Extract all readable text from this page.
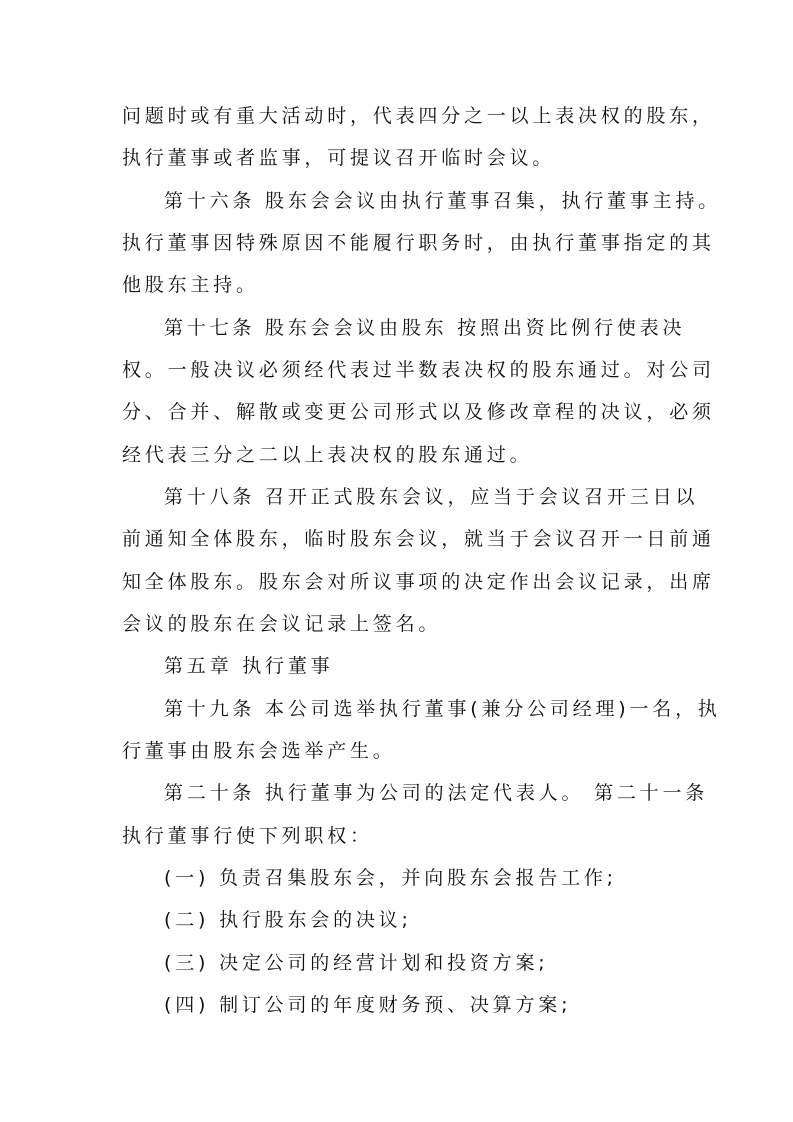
问题时或有重大活动时，代表四分之一以上表决权的股东，
执行董事或者监事，可提议召开临时会议。
第十六条 股东会会议由执行董事召集，执行董事主持。
执行董事因特殊原因不能履行职务时，由执行董事指定的其
他股东主持。
第十七条 股东会会议由股东 按照出资比例行使表决
权。一般决议必须经代表过半数表决权的股东通过。对公司
分、合并、解散或变更公司形式以及修改章程的决议，必须
经代表三分之二以上表决权的股东通过。
第十八条 召开正式股东会议，应当于会议召开三日以
前通知全体股东，临时股东会议，就当于会议召开一日前通
知全体股东。股东会对所议事项的决定作出会议记录，出席
会议的股东在会议记录上签名。
第五章 执行董事
第十九条 本公司选举执行董事(兼分公司经理)一名，执
行董事由股东会选举产生。
第二十条 执行董事为公司的法定代表人。 第二十一条
执行董事行使下列职权：
(一) 负责召集股东会，并向股东会报告工作;
(二) 执行股东会的决议;
(三) 决定公司的经营计划和投资方案;
(四) 制订公司的年度财务预、决算方案;
